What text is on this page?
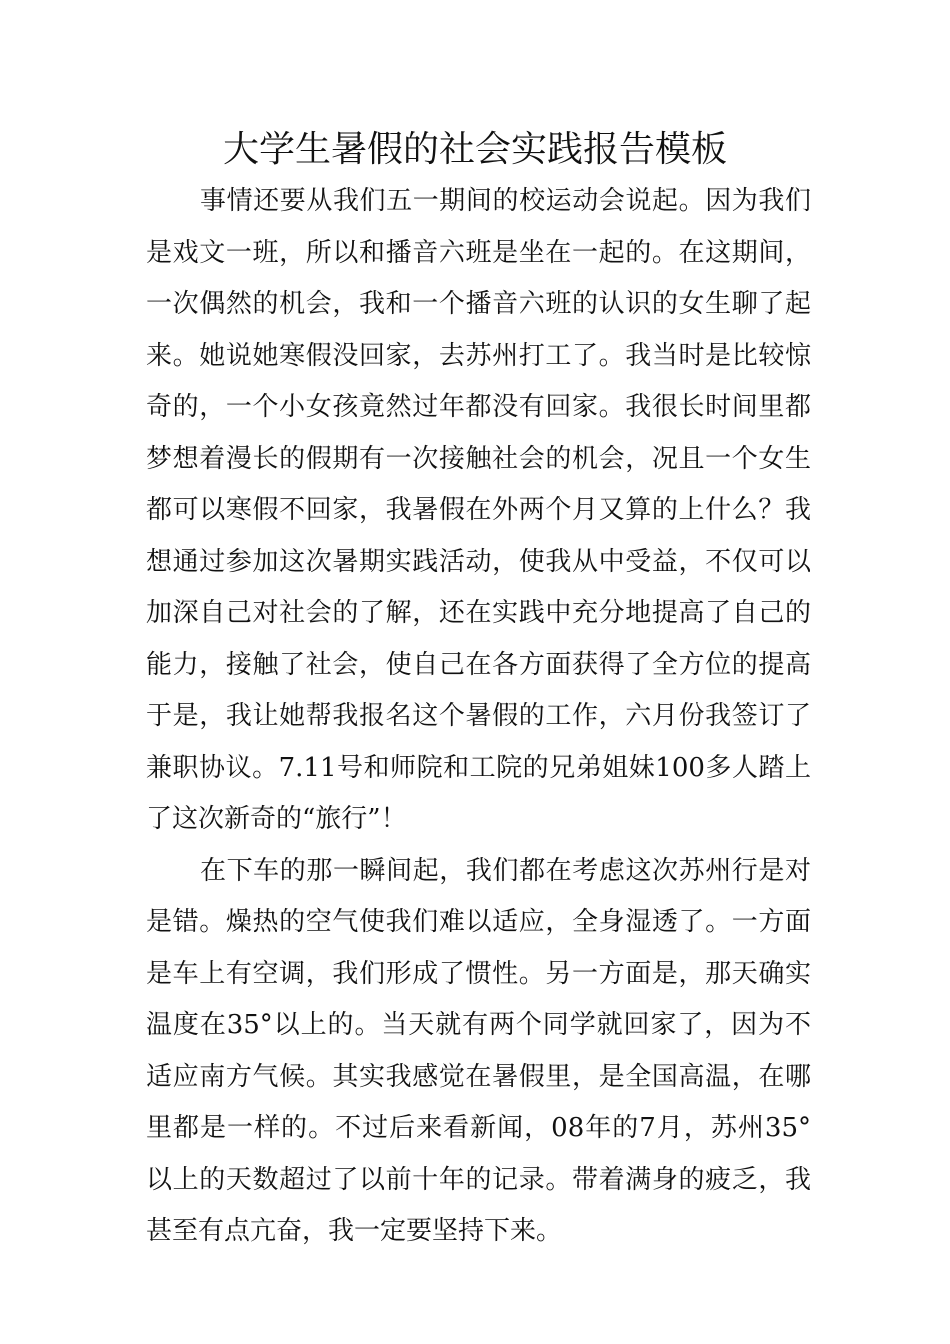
大学生暑假的社会实践报告模板
事情还要从我们五一期间的校运动会说起。因为我们
是戏文一班，所以和播音六班是坐在一起的。在这期间，
一次偶然的机会，我和一个播音六班的认识的女生聊了起
来。她说她寒假没回家，去苏州打工了。我当时是比较惊
奇的，一个小女孩竟然过年都没有回家。我很长时间里都
梦想着漫长的假期有一次接触社会的机会，况且一个女生
都可以寒假不回家，我暑假在外两个月又算的上什么？我
想通过参加这次暑期实践活动，使我从中受益，不仅可以
加深自己对社会的了解，还在实践中充分地提高了自己的
能力，接触了社会，使自己在各方面获得了全方位的提高
于是，我让她帮我报名这个暑假的工作，六月份我签订了
兼职协议。7.11号和师院和工院的兄弟姐妹100多人踏上
了这次新奇的“旅行”！
在下车的那一瞬间起，我们都在考虑这次苏州行是对
是错。燥热的空气使我们难以适应，全身湿透了。一方面
是车上有空调，我们形成了惯性。另一方面是，那天确实
温度在35°以上的。当天就有两个同学就回家了，因为不
适应南方气候。其实我感觉在暑假里，是全国高温，在哪
里都是一样的。不过后来看新闻，08年的7月，苏州35°
以上的天数超过了以前十年的记录。带着满身的疲乏，我
甚至有点亢奋，我一定要坚持下来。
